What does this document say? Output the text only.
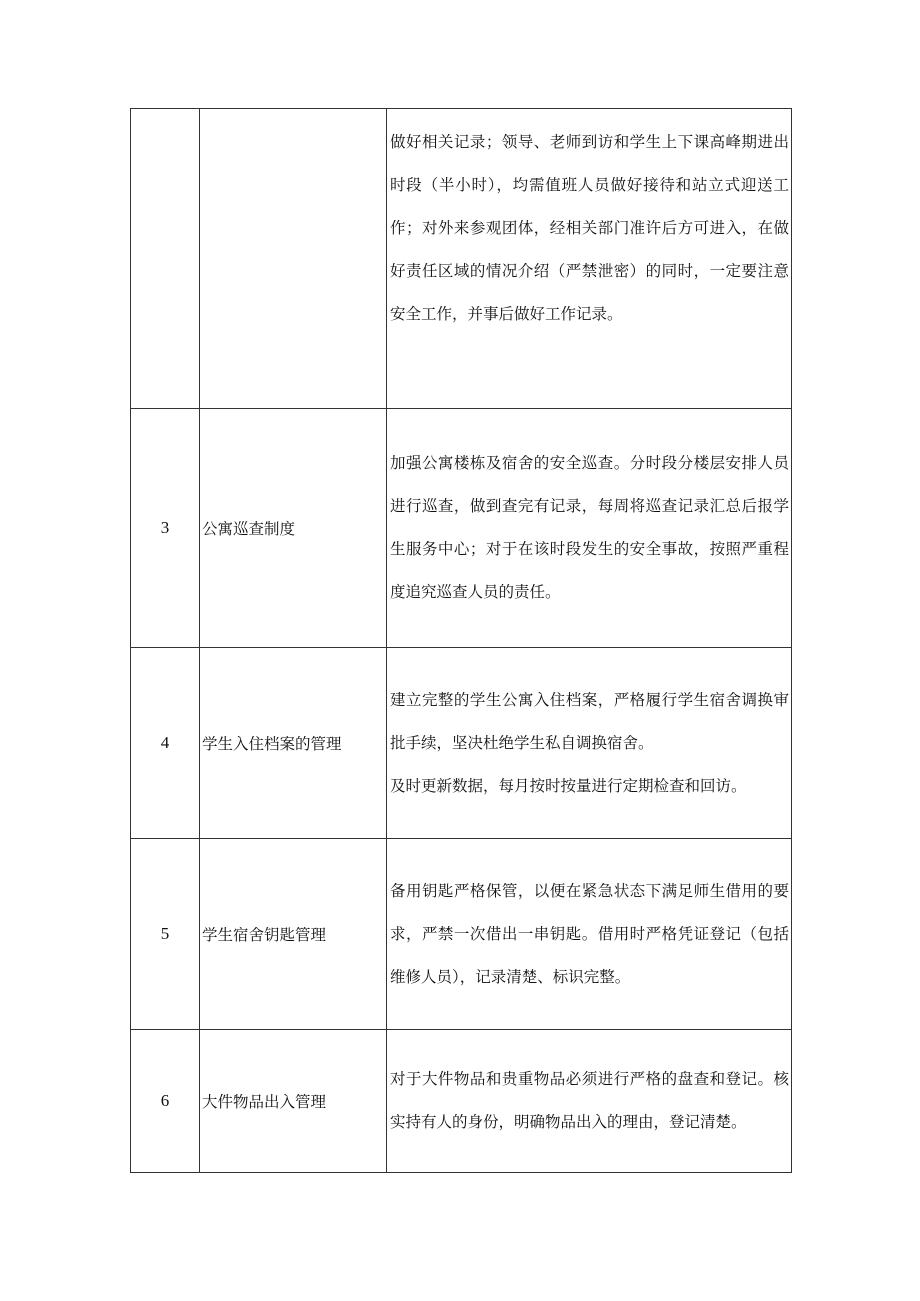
		做好相关记录；领导、老师到访和学生上下课高峰期进出时段（半小时），均需值班人员做好接待和站立式迎送工作；对外来参观团体，经相关部门准许后方可进入，在做好责任区域的情况介绍（严禁泄密）的同时，一定要注意安全工作，并事后做好工作记录。

3	公寓巡查制度	加强公寓楼栋及宿舍的安全巡查。分时段分楼层安排人员进行巡查，做到查完有记录，每周将巡查记录汇总后报学生服务中心；对于在该时段发生的安全事故，按照严重程度追究巡查人员的责任。

4	学生入住档案的管理	建立完整的学生公寓入住档案，严格履行学生宿舍调换审批手续，坚决杜绝学生私自调换宿舍。

及时更新数据，每月按时按量进行定期检查和回访。

5	学生宿舍钥匙管理	备用钥匙严格保管，以便在紧急状态下满足师生借用的要求，严禁一次借出一串钥匙。借用时严格凭证登记（包括维修人员），记录清楚、标识完整。

6	大件物品出入管理	对于大件物品和贵重物品必须进行严格的盘查和登记。核实持有人的身份，明确物品出入的理由，登记清楚。
